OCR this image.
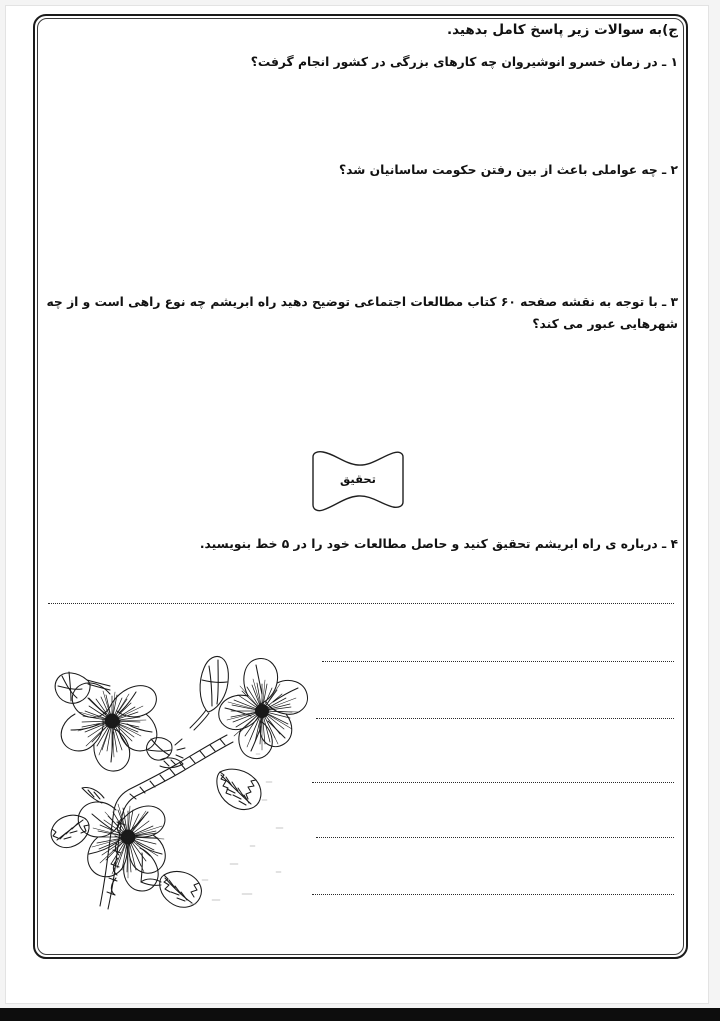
ج)به سوالات زیر پاسخ کامل بدهید.
۱ ـ در زمان خسرو انوشیروان چه کارهای بزرگی در کشور انجام گرفت؟
۲ ـ چه عواملی باعث از بین رفتن حکومت ساسانیان شد؟
۳ ـ با توجه به نقشه صفحه ۶۰ کتاب مطالعات اجتماعی توضیح دهید راه ابریشم چه نوع راهی است و از چه شهرهایی عبور می کند؟
تحقیق
۴ ـ درباره ی راه ابریشم تحقیق کنید و حاصل مطالعات خود را در ۵ خط بنویسید.
